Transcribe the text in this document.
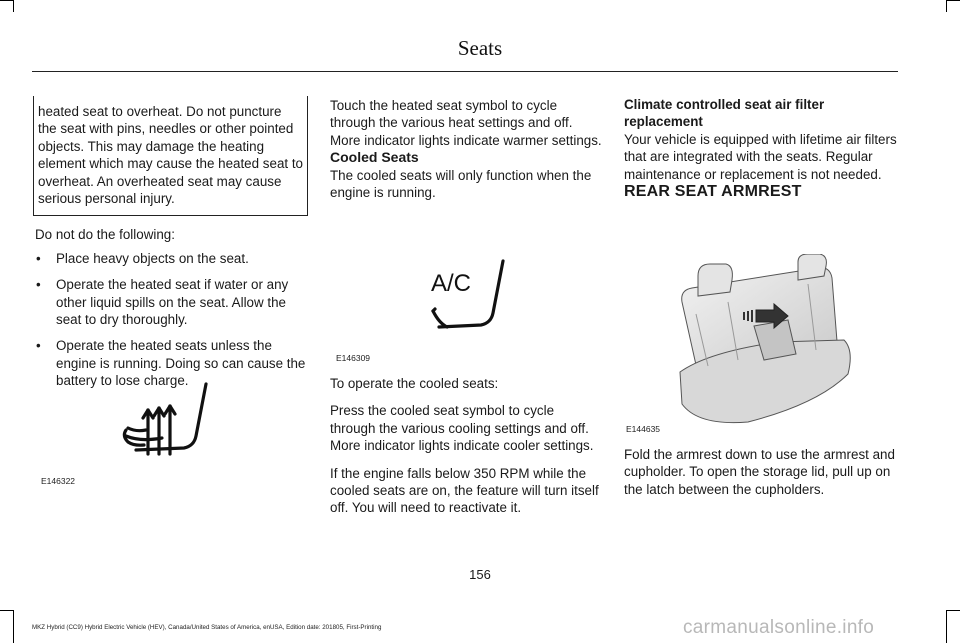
Seats

heated seat to overheat. Do not puncture the seat with pins, needles or other pointed objects. This may damage the heating element which may cause the heated seat to overheat. An overheated seat may cause serious personal injury.

Do not do the following:

• Place heavy objects on the seat.
• Operate the heated seat if water or any other liquid spills on the seat. Allow the seat to dry thoroughly.
• Operate the heated seats unless the engine is running. Doing so can cause the battery to lose charge.
E146322

Touch the heated seat symbol to cycle through the various heat settings and off. More indicator lights indicate warmer settings.

Cooled Seats

The cooled seats will only function when the engine is running.

A/C
E146309

To operate the cooled seats:

Press the cooled seat symbol to cycle through the various cooling settings and off. More indicator lights indicate cooler settings.

If the engine falls below 350 RPM while the cooled seats are on, the feature will turn itself off. You will need to reactivate it.

Climate controlled seat air filter replacement

Your vehicle is equipped with lifetime air filters that are integrated with the seats. Regular maintenance or replacement is not needed.

REAR SEAT ARMREST

E144635

Fold the armrest down to use the armrest and cupholder. To open the storage lid, pull up on the latch between the cupholders.

156
MKZ Hybrid (CC9) Hybrid Electric Vehicle (HEV), Canada/United States of America, enUSA, Edition date: 201805, First-Printing	carmanualsonline.info
